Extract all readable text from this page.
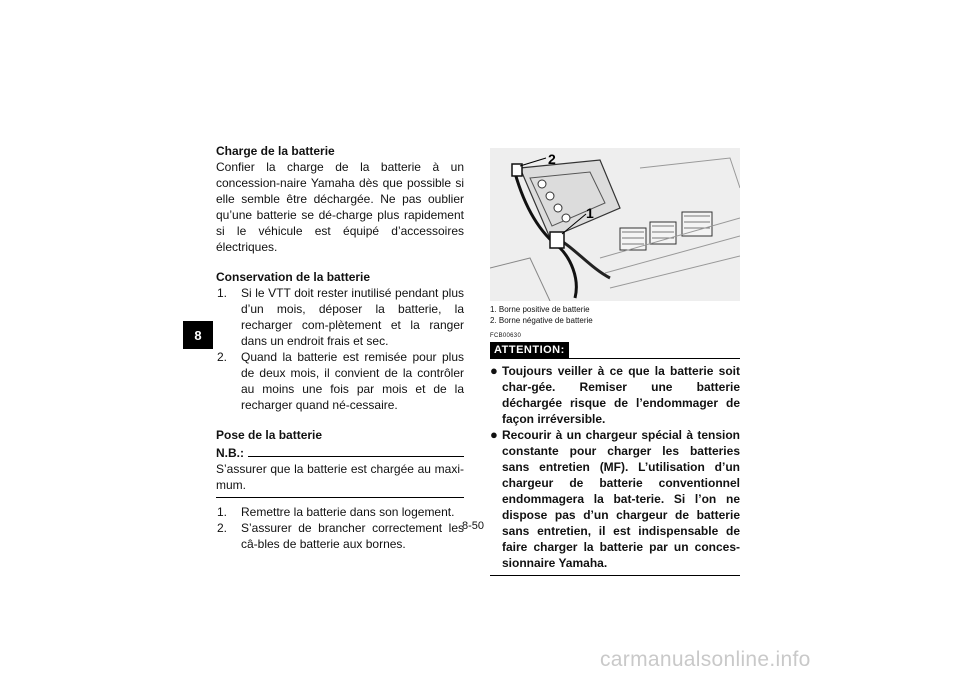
8

Charge de la batterie

Confier la charge de la batterie à un concession-naire Yamaha dès que possible si elle semble être déchargée. Ne pas oublier qu’une batterie se dé-charge plus rapidement si le véhicule est équipé d’accessoires électriques.

Conservation de la batterie

1.	Si le VTT doit rester inutilisé pendant plus d’un mois, déposer la batterie, la recharger com-plètement et la ranger dans un endroit frais et sec.
2.	Quand la batterie est remisée pour plus de deux mois, il convient de la contrôler au moins une fois par mois et de la recharger quand né-cessaire.

Pose de la batterie

N.B.:

S’assurer que la batterie est chargée au maxi-mum.

1.	Remettre la batterie dans son logement.
2.	S’assurer de brancher correctement les câ-bles de batterie aux bornes.
2
1

1. Borne positive de batterie

2. Borne négative de batterie

FCB00630
ATTENTION:
● Toujours veiller à ce que la batterie soit char-gée. Remiser une batterie déchargée risque de l’endommager de façon irréversible.
● Recourir à un chargeur spécial à tension constante pour charger les batteries sans entretien (MF). L’utilisation d’un chargeur de batterie conventionnel endommagera la bat-terie. Si l’on ne dispose pas d’un chargeur de batterie sans entretien, il est indispensable de faire charger la batterie par un conces-sionnaire Yamaha.
8-50
carmanualsonline.info
